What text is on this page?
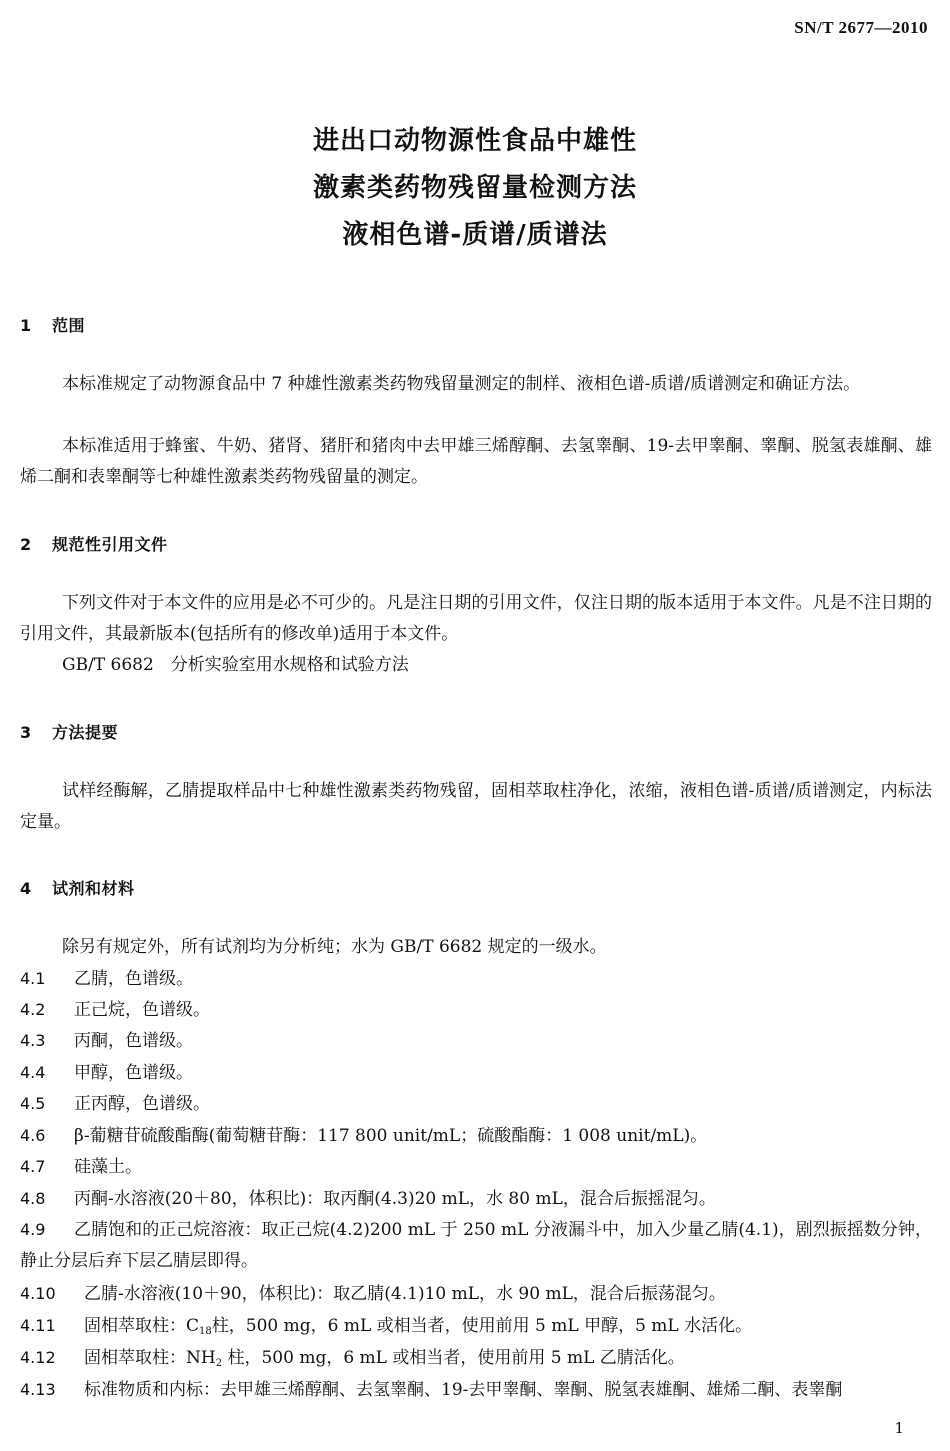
SN/T 2677—2010
进出口动物源性食品中雄性
激素类药物残留量检测方法
液相色谱-质谱/质谱法
1 范围

本标准规定了动物源食品中 7 种雄性激素类药物残留量测定的制样、液相色谱-质谱/质谱测定和确证方法。

本标准适用于蜂蜜、牛奶、猪肾、猪肝和猪肉中去甲雄三烯醇酮、去氢睾酮、19-去甲睾酮、睾酮、脱氢表雄酮、雄烯二酮和表睾酮等七种雄性激素类药物残留量的测定。

2 规范性引用文件

下列文件对于本文件的应用是必不可少的。凡是注日期的引用文件，仅注日期的版本适用于本文件。凡是不注日期的引用文件，其最新版本(包括所有的修改单)适用于本文件。

GB/T 6682　分析实验室用水规格和试验方法

3 方法提要

试样经酶解，乙腈提取样品中七种雄性激素类药物残留，固相萃取柱净化，浓缩，液相色谱-质谱/质谱测定，内标法定量。

4 试剂和材料

除另有规定外，所有试剂均为分析纯；水为 GB/T 6682 规定的一级水。

4.1 乙腈，色谱级。

4.2 正己烷，色谱级。

4.3 丙酮，色谱级。

4.4 甲醇，色谱级。

4.5 正丙醇，色谱级。

4.6 β-葡糖苷硫酸酯酶(葡萄糖苷酶：117 800 unit/mL；硫酸酯酶：1 008 unit/mL)。

4.7 硅藻土。

4.8 丙酮-水溶液(20＋80，体积比)：取丙酮(4.3)20 mL，水 80 mL，混合后振摇混匀。

4.9 乙腈饱和的正己烷溶液：取正己烷(4.2)200 mL 于 250 mL 分液漏斗中，加入少量乙腈(4.1)，剧烈振摇数分钟，静止分层后弃下层乙腈层即得。

4.10 乙腈-水溶液(10＋90，体积比)：取乙腈(4.1)10 mL，水 90 mL，混合后振荡混匀。

4.11 固相萃取柱：$C_{18}$柱，500 mg，6 mL 或相当者，使用前用 5 mL 甲醇，5 mL 水活化。

4.12 固相萃取柱：$NH_2$ 柱，500 mg，6 mL 或相当者，使用前用 5 mL 乙腈活化。

4.13 标准物质和内标：去甲雄三烯醇酮、去氢睾酮、19-去甲睾酮、睾酮、脱氢表雄酮、雄烯二酮、表睾酮

1
